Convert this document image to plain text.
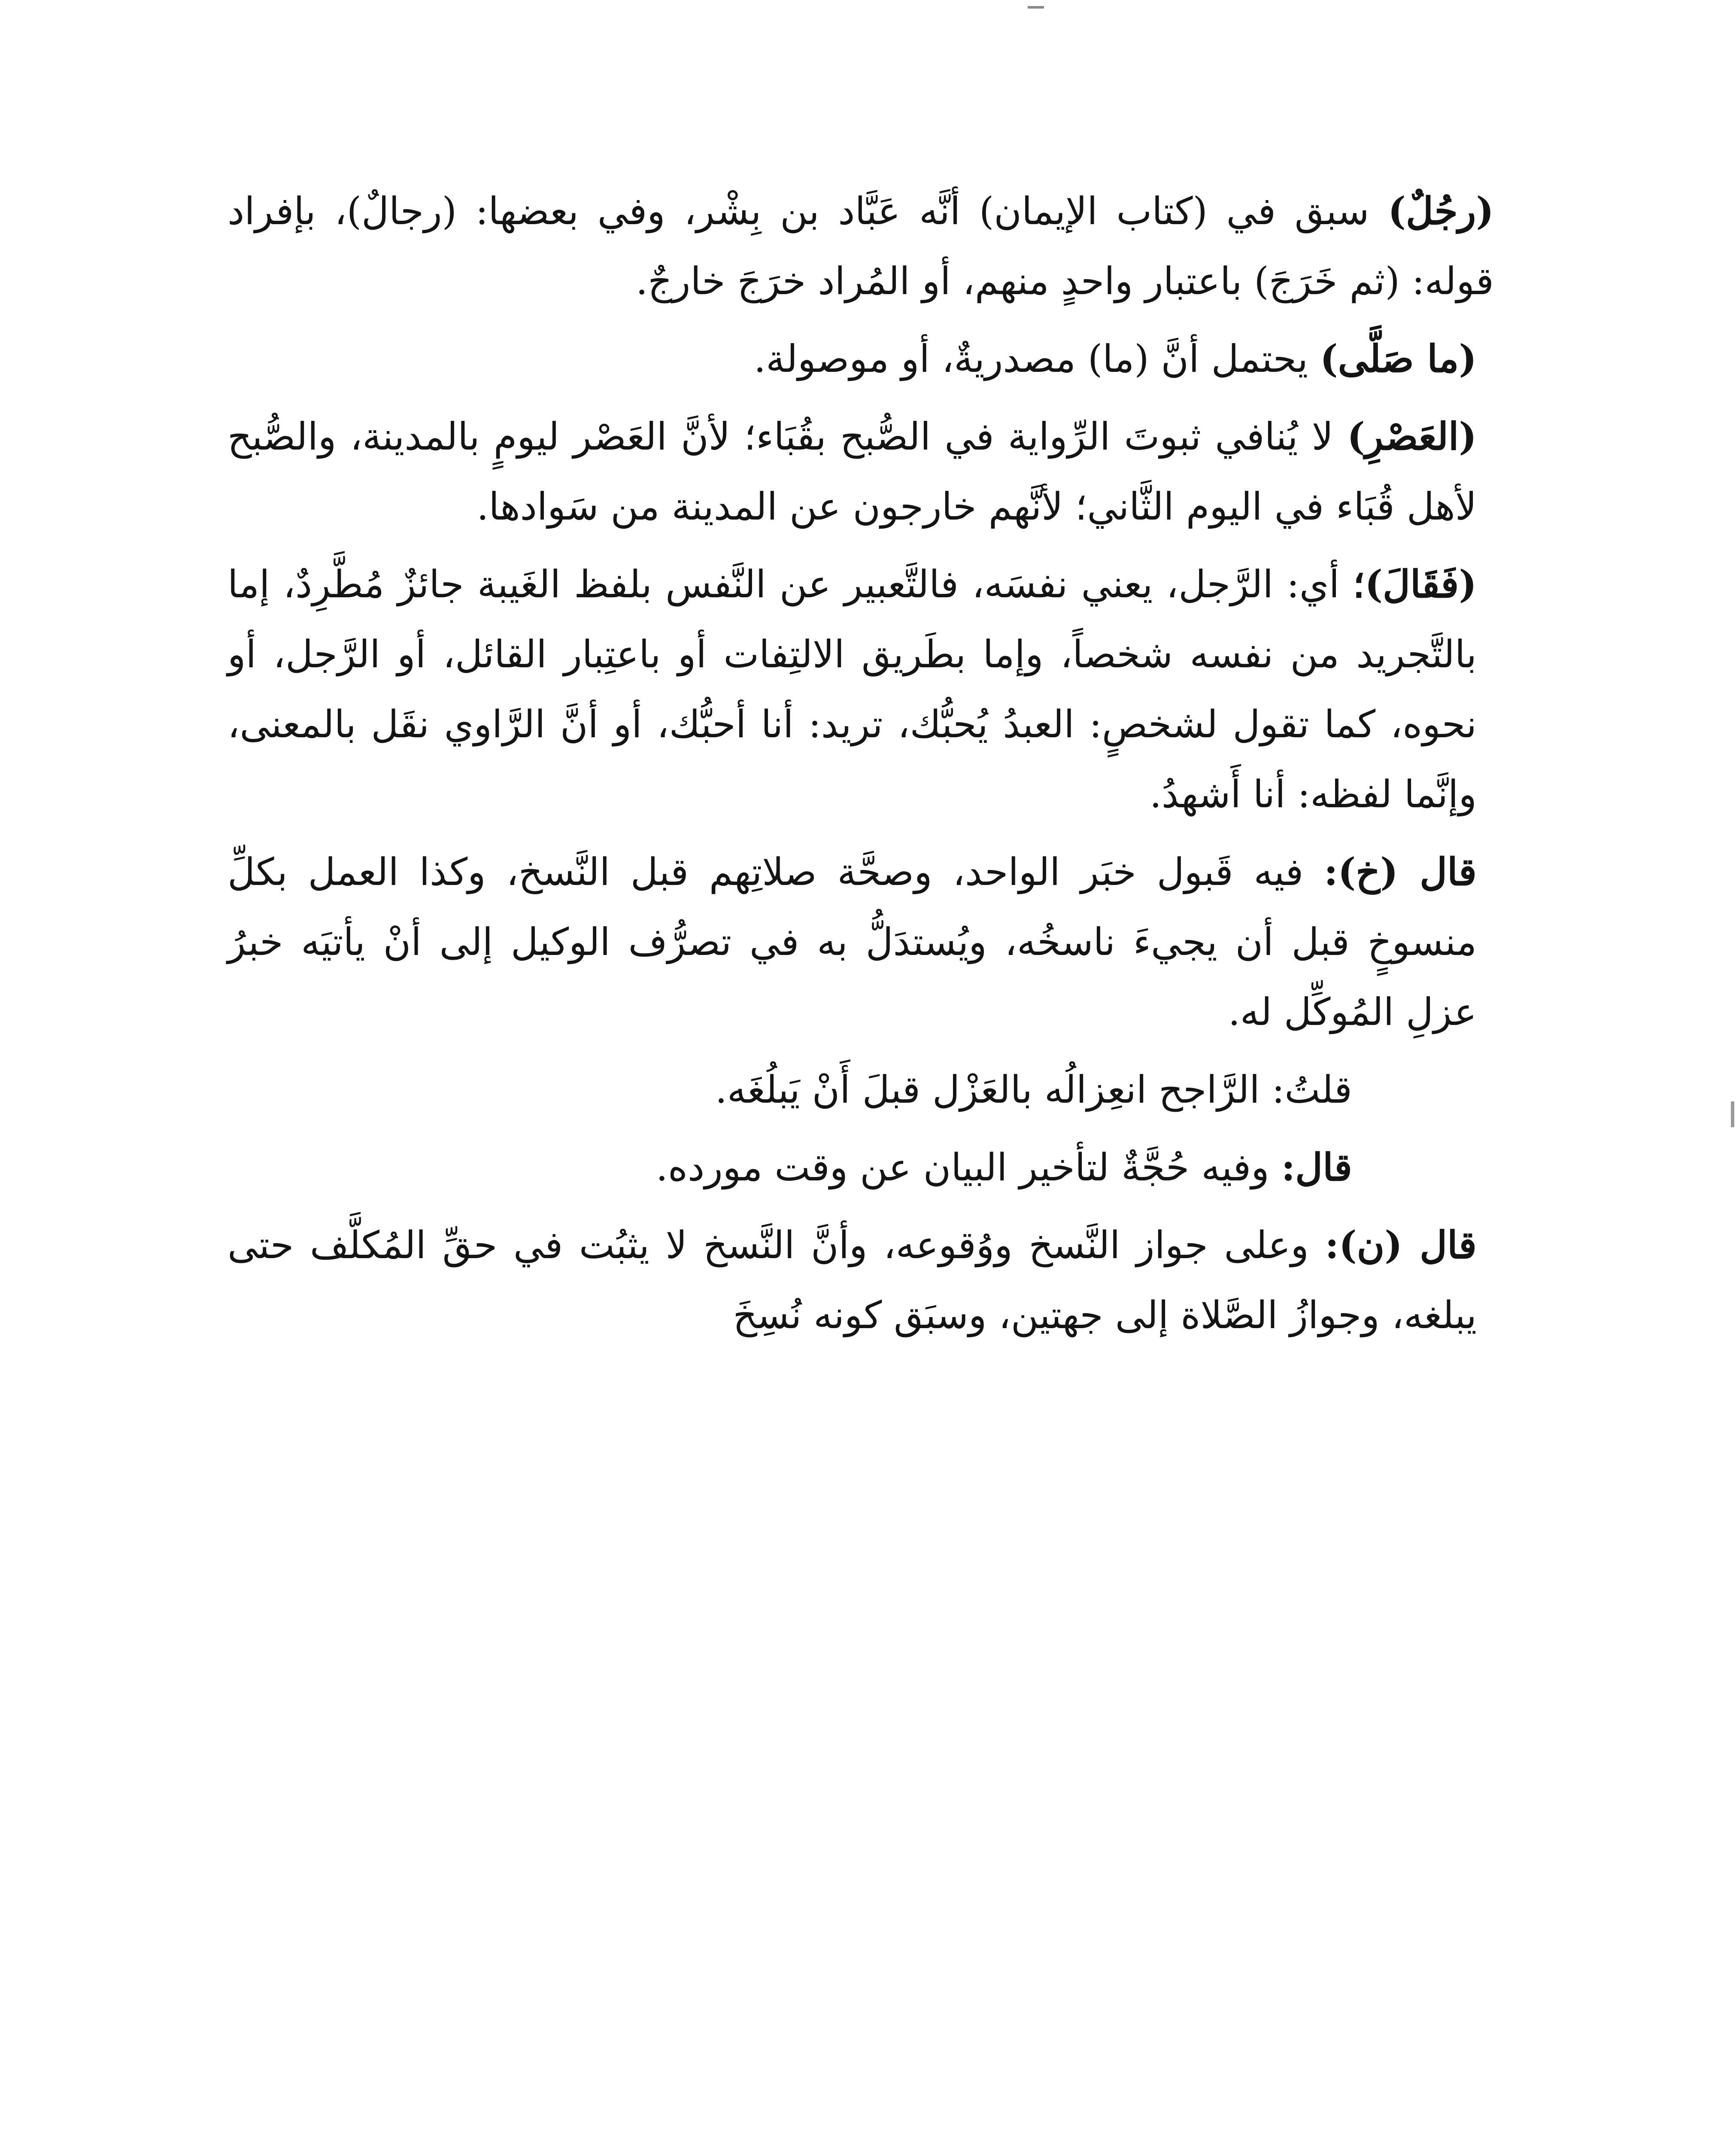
(رجُلٌ) سبق في (كتاب الإيمان) أنَّه عَبَّاد بن بِشْر، وفي بعضها: (رجالٌ)، بإفراد قوله: (ثم خَرَجَ) باعتبار واحدٍ منهم، أو المُراد خرَجَ خارجٌ.

(ما صَلَّى) يحتمل أنَّ (ما) مصدريةٌ، أو موصولة.

(العَصْرِ) لا يُنافي ثبوتَ الرِّواية في الصُّبح بقُبَاء؛ لأنَّ العَصْر ليومٍ بالمدينة، والصُّبح لأهل قُبَاء في اليوم الثَّاني؛ لأنَّهم خارجون عن المدينة من سَوادها.

(فَقَالَ)؛ أي: الرَّجل، يعني نفسَه، فالتَّعبير عن النَّفس بلفظ الغَيبة جائزٌ مُطَّرِدٌ، إما بالتَّجريد من نفسه شخصاً، وإما بطَريق الالتِفات أو باعتِبار القائل، أو الرَّجل، أو نحوه، كما تقول لشخصٍ: العبدُ يُحبُّك، تريد: أنا أحبُّك، أو أنَّ الرَّاوي نقَل بالمعنى، وإنَّما لفظه: أنا أَشهدُ.

قال (خ): فيه قَبول خبَر الواحد، وصحَّة صلاتِهم قبل النَّسخ، وكذا العمل بكلِّ منسوخٍ قبل أن يجيءَ ناسخُه، ويُستدَلُّ به في تصرُّف الوكيل إلى أنْ يأتيَه خبرُ عزلِ المُوكِّل له.

قلتُ: الرَّاجح انعِزالُه بالعَزْل قبلَ أَنْ يَبلُغَه.

قال: وفيه حُجَّةٌ لتأخير البيان عن وقت مورده.

قال (ن): وعلى جواز النَّسخ ووُقوعه، وأنَّ النَّسخ لا يثبُت في حقِّ المُكلَّف حتى يبلغه، وجوازُ الصَّلاة إلى جهتين، وسبَق كونه نُسِخَ
